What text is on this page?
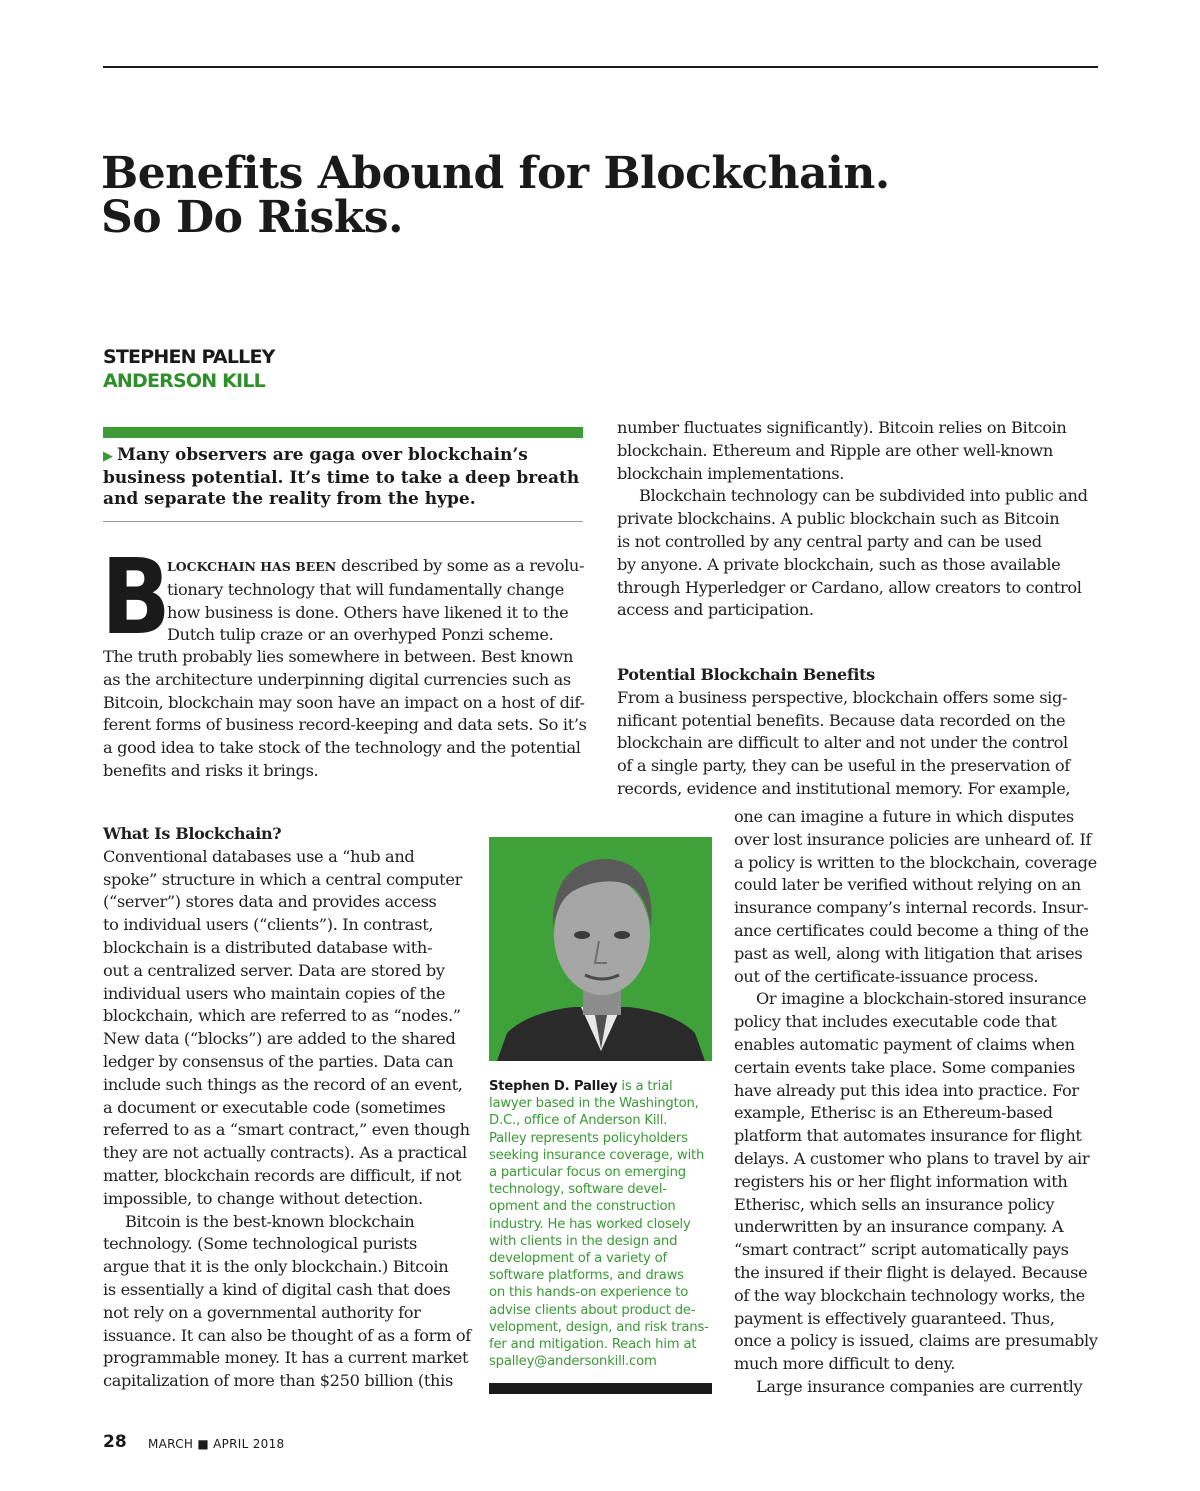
Benefits Abound for Blockchain.
So Do Risks.
STEPHEN PALLEY
ANDERSON KILL
▶ Many observers are gaga over blockchain’s
business potential. It’s time to take a deep breath
and separate the reality from the hype.
B
LOCKCHAIN HAS BEEN described by some as a revolu-
tionary technology that will fundamentally change
how business is done. Others have likened it to the
Dutch tulip craze or an overhyped Ponzi scheme.
The truth probably lies somewhere in between. Best known
as the architecture underpinning digital currencies such as
Bitcoin, blockchain may soon have an impact on a host of dif-
ferent forms of business record-keeping and data sets. So it’s
a good idea to take stock of the technology and the potential
benefits and risks it brings.
What Is Blockchain?
Conventional databases use a “hub and
spoke” structure in which a central computer
(“server”) stores data and provides access
to individual users (“clients”). In contrast,
blockchain is a distributed database with-
out a centralized server. Data are stored by
individual users who maintain copies of the
blockchain, which are referred to as “nodes.”
New data (“blocks”) are added to the shared
ledger by consensus of the parties. Data can
include such things as the record of an event,
a document or executable code (sometimes
referred to as a “smart contract,” even though
they are not actually contracts). As a practical
matter, blockchain records are difficult, if not
impossible, to change without detection.
Bitcoin is the best-known blockchain
technology. (Some technological purists
argue that it is the only blockchain.) Bitcoin
is essentially a kind of digital cash that does
not rely on a governmental authority for
issuance. It can also be thought of as a form of
programmable money. It has a current market
capitalization of more than $250 billion (this
number fluctuates significantly). Bitcoin relies on Bitcoin
blockchain. Ethereum and Ripple are other well-known
blockchain implementations.
Blockchain technology can be subdivided into public and
private blockchains. A public blockchain such as Bitcoin
is not controlled by any central party and can be used
by anyone. A private blockchain, such as those available
through Hyperledger or Cardano, allow creators to control
access and participation.
Potential Blockchain Benefits
From a business perspective, blockchain offers some sig-
nificant potential benefits. Because data recorded on the
blockchain are difficult to alter and not under the control
of a single party, they can be useful in the preservation of
records, evidence and institutional memory. For example,
one can imagine a future in which disputes
over lost insurance policies are unheard of. If
a policy is written to the blockchain, coverage
could later be verified without relying on an
insurance company’s internal records. Insur-
ance certificates could become a thing of the
past as well, along with litigation that arises
out of the certificate-issuance process.
Or imagine a blockchain-stored insurance
policy that includes executable code that
enables automatic payment of claims when
certain events take place. Some companies
have already put this idea into practice. For
example, Etherisc is an Ethereum-based
platform that automates insurance for flight
delays. A customer who plans to travel by air
registers his or her flight information with
Etherisc, which sells an insurance policy
underwritten by an insurance company. A
“smart contract” script automatically pays
the insured if their flight is delayed. Because
of the way blockchain technology works, the
payment is effectively guaranteed. Thus,
once a policy is issued, claims are presumably
much more difficult to deny.
Large insurance companies are currently
Stephen D. Palley is a trial
lawyer based in the Washington,
D.C., office of Anderson Kill.
Palley represents policyholders
seeking insurance coverage, with
a particular focus on emerging
technology, software devel-
opment and the construction
industry. He has worked closely
with clients in the design and
development of a variety of
software platforms, and draws
on this hands-on experience to
advise clients about product de-
velopment, design, and risk trans-
fer and mitigation. Reach him at
spalley@andersonkill.com
28 MARCH ■ APRIL 2018
